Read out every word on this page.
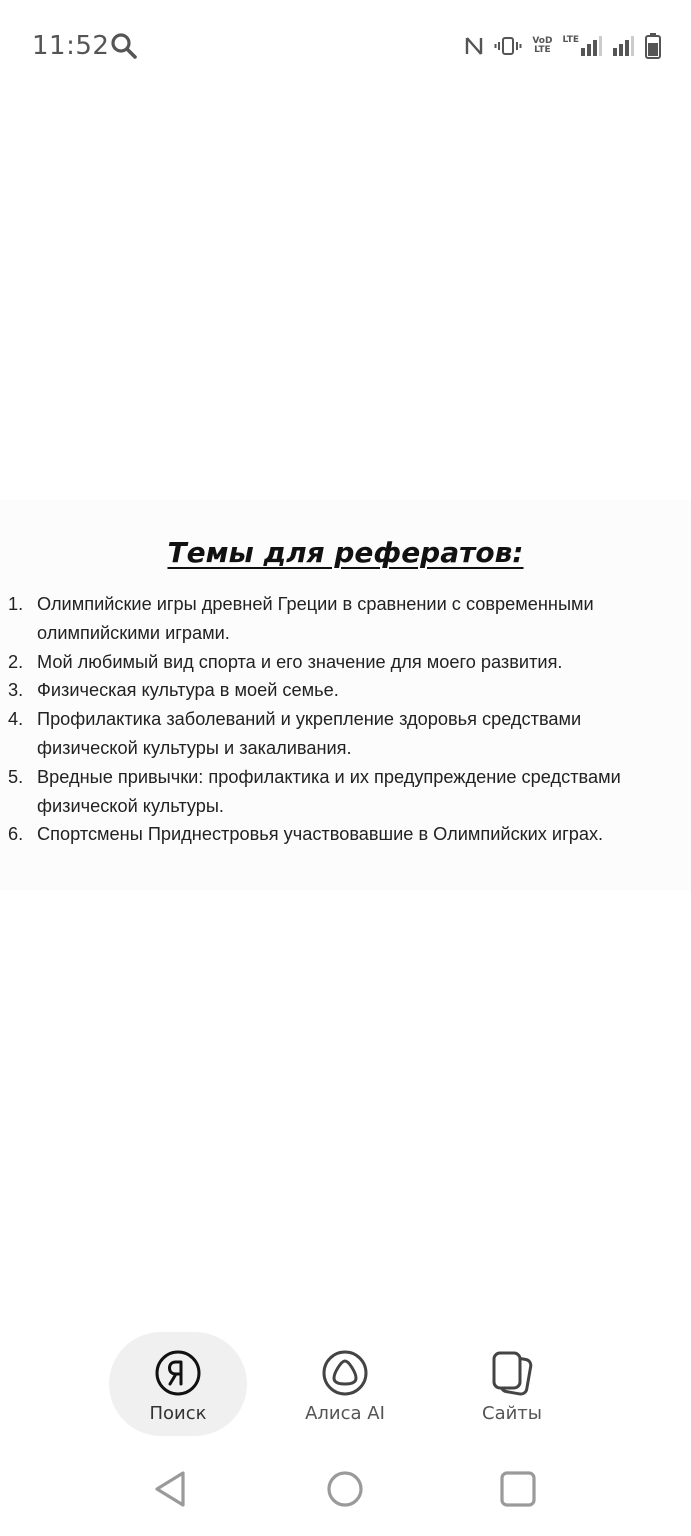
11:52	VoD
LTE
LTE
Темы для рефератов:
1. Олимпийские игры древней Греции в сравнении с современными
олимпийскими играми.
2. Мой любимый вид спорта и его значение для моего развития.
3. Физическая культура в моей семье.
4. Профилактика заболеваний и укрепление здоровья средствами
физической культуры и закаливания.
5. Вредные привычки: профилактика и их предупреждение средствами
физической культуры.
6. Спортсмены Приднестровья участвовавшие в Олимпийских играх.
Поиск	Алиса AI	Сайты
